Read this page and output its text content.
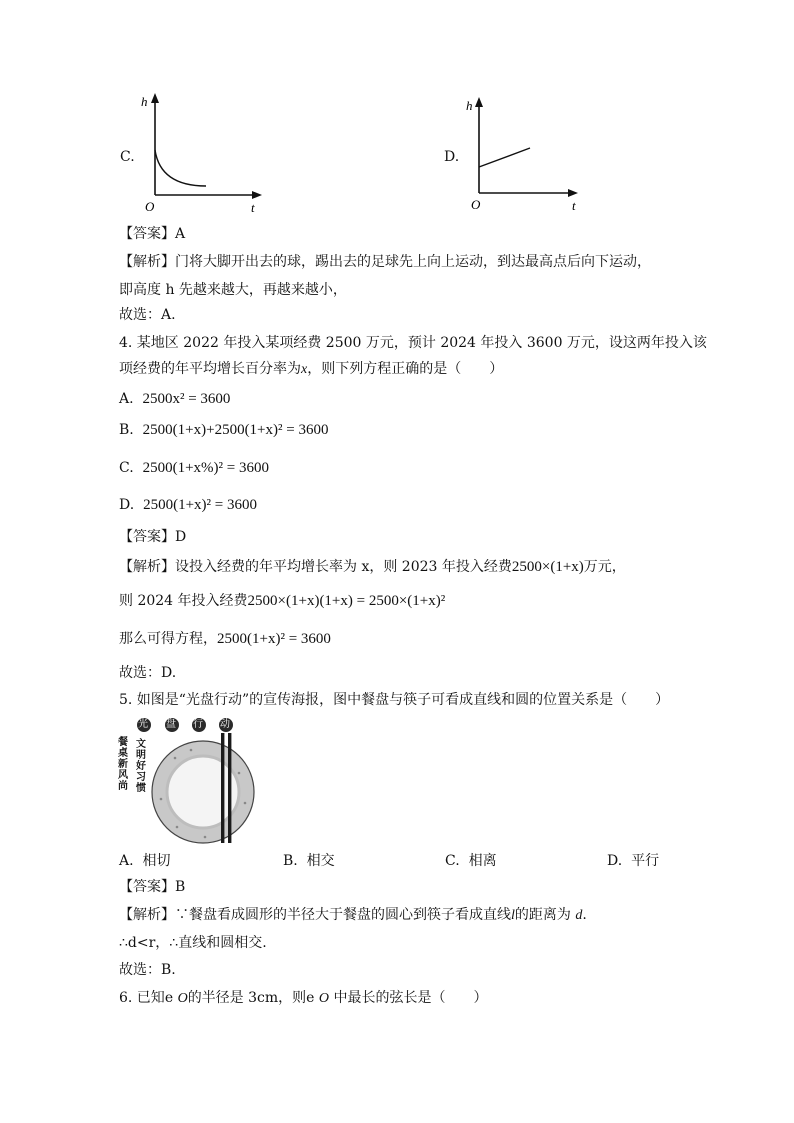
C.
h
t
O
D.
h
t
O
【答案】A
【解析】门将大脚开出去的球，踢出去的足球先上向上运动，到达最高点后向下运动，
即高度 h 先越来越大，再越来越小，
故选：A.
4. 某地区 2022 年投入某项经费 2500 万元，预计 2024 年投入 3600 万元，设这两年投入该
项经费的年平均增长百分率为x，则下列方程正确的是（　　）
A. 2500x² = 3600
B. 2500(1+x)+2500(1+x)² = 3600
C. 2500(1+x%)² = 3600
D. 2500(1+x)² = 3600
【答案】D
【解析】设投入经费的年平均增长率为 x，则 2023 年投入经费2500×(1+x)万元，
则 2024 年投入经费2500×(1+x)(1+x) = 2500×(1+x)²
那么可得方程，2500(1+x)² = 3600
故选：D.
5. 如图是“光盘行动”的宣传海报，图中餐盘与筷子可看成直线和圆的位置关系是（　　）
光 盘 行 动
餐桌新风尚
文明好习惯
A. 相切	B. 相交	C. 相离	D. 平行
【答案】B
【解析】∵餐盘看成圆形的半径大于餐盘的圆心到筷子看成直线l的距离为 d.
∴d<r，∴直线和圆相交.
故选：B.
6. 已知e O的半径是 3cm，则e O 中最长的弦长是（　　）
